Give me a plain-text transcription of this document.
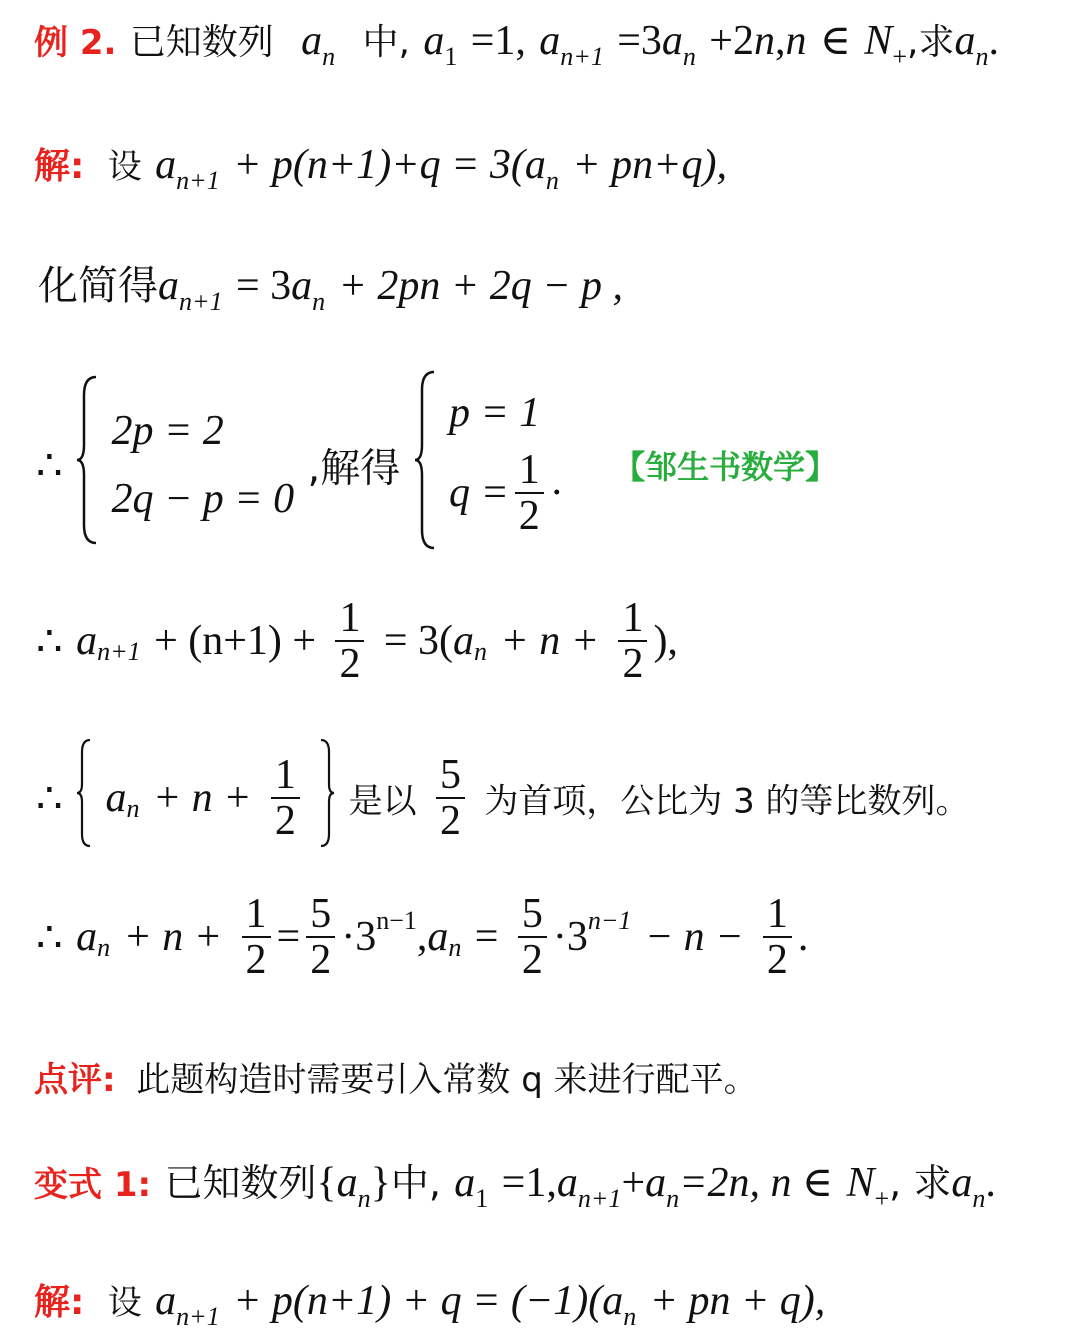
例 2. 已知数列 $a_n$ 中, $a_1 =1$, $a_{n+1} =3a_n +2n,n$ ∈ $N_+$,求$a_n$.
解: 设 $a_{n+1} + p(n+1)+q = 3(a_n + pn+q)$,
化简得$a_{n+1} = 3a_n + 2pn + 2q - p$ ,
∴
2p = 2
2q − p = 0
,解得
p = 1
$q = \frac{1}{2}$ ·
【邹生书数学】
∴ $a_{n+1} + (n+1) + \frac{1}{2} = 3(a_n + n + \frac{1}{2}$ ),
∴ $a_n + n + \frac{1}{2}$ 是以 $\frac{5}{2}$ 为首项，公比为 3 的等比数列。
∴ $a_n + n + \frac{1}{2} = \frac{5}{2} \cdot 3^{n-1},a_n = \frac{5}{2} \cdot 3^{n-1} - n - \frac{1}{2}$ .
点评: 此题构造时需要引入常数 q 来进行配平。
变式 1: 已知数列$\{a_n\}$中, $a_1 =1,a_{n+1}+a_n=2n$, n ∈ $N_+$, 求$a_n$.
解: 设 $a_{n+1} + p(n+1) + q = (-1)(a_n$ + pn + q),
